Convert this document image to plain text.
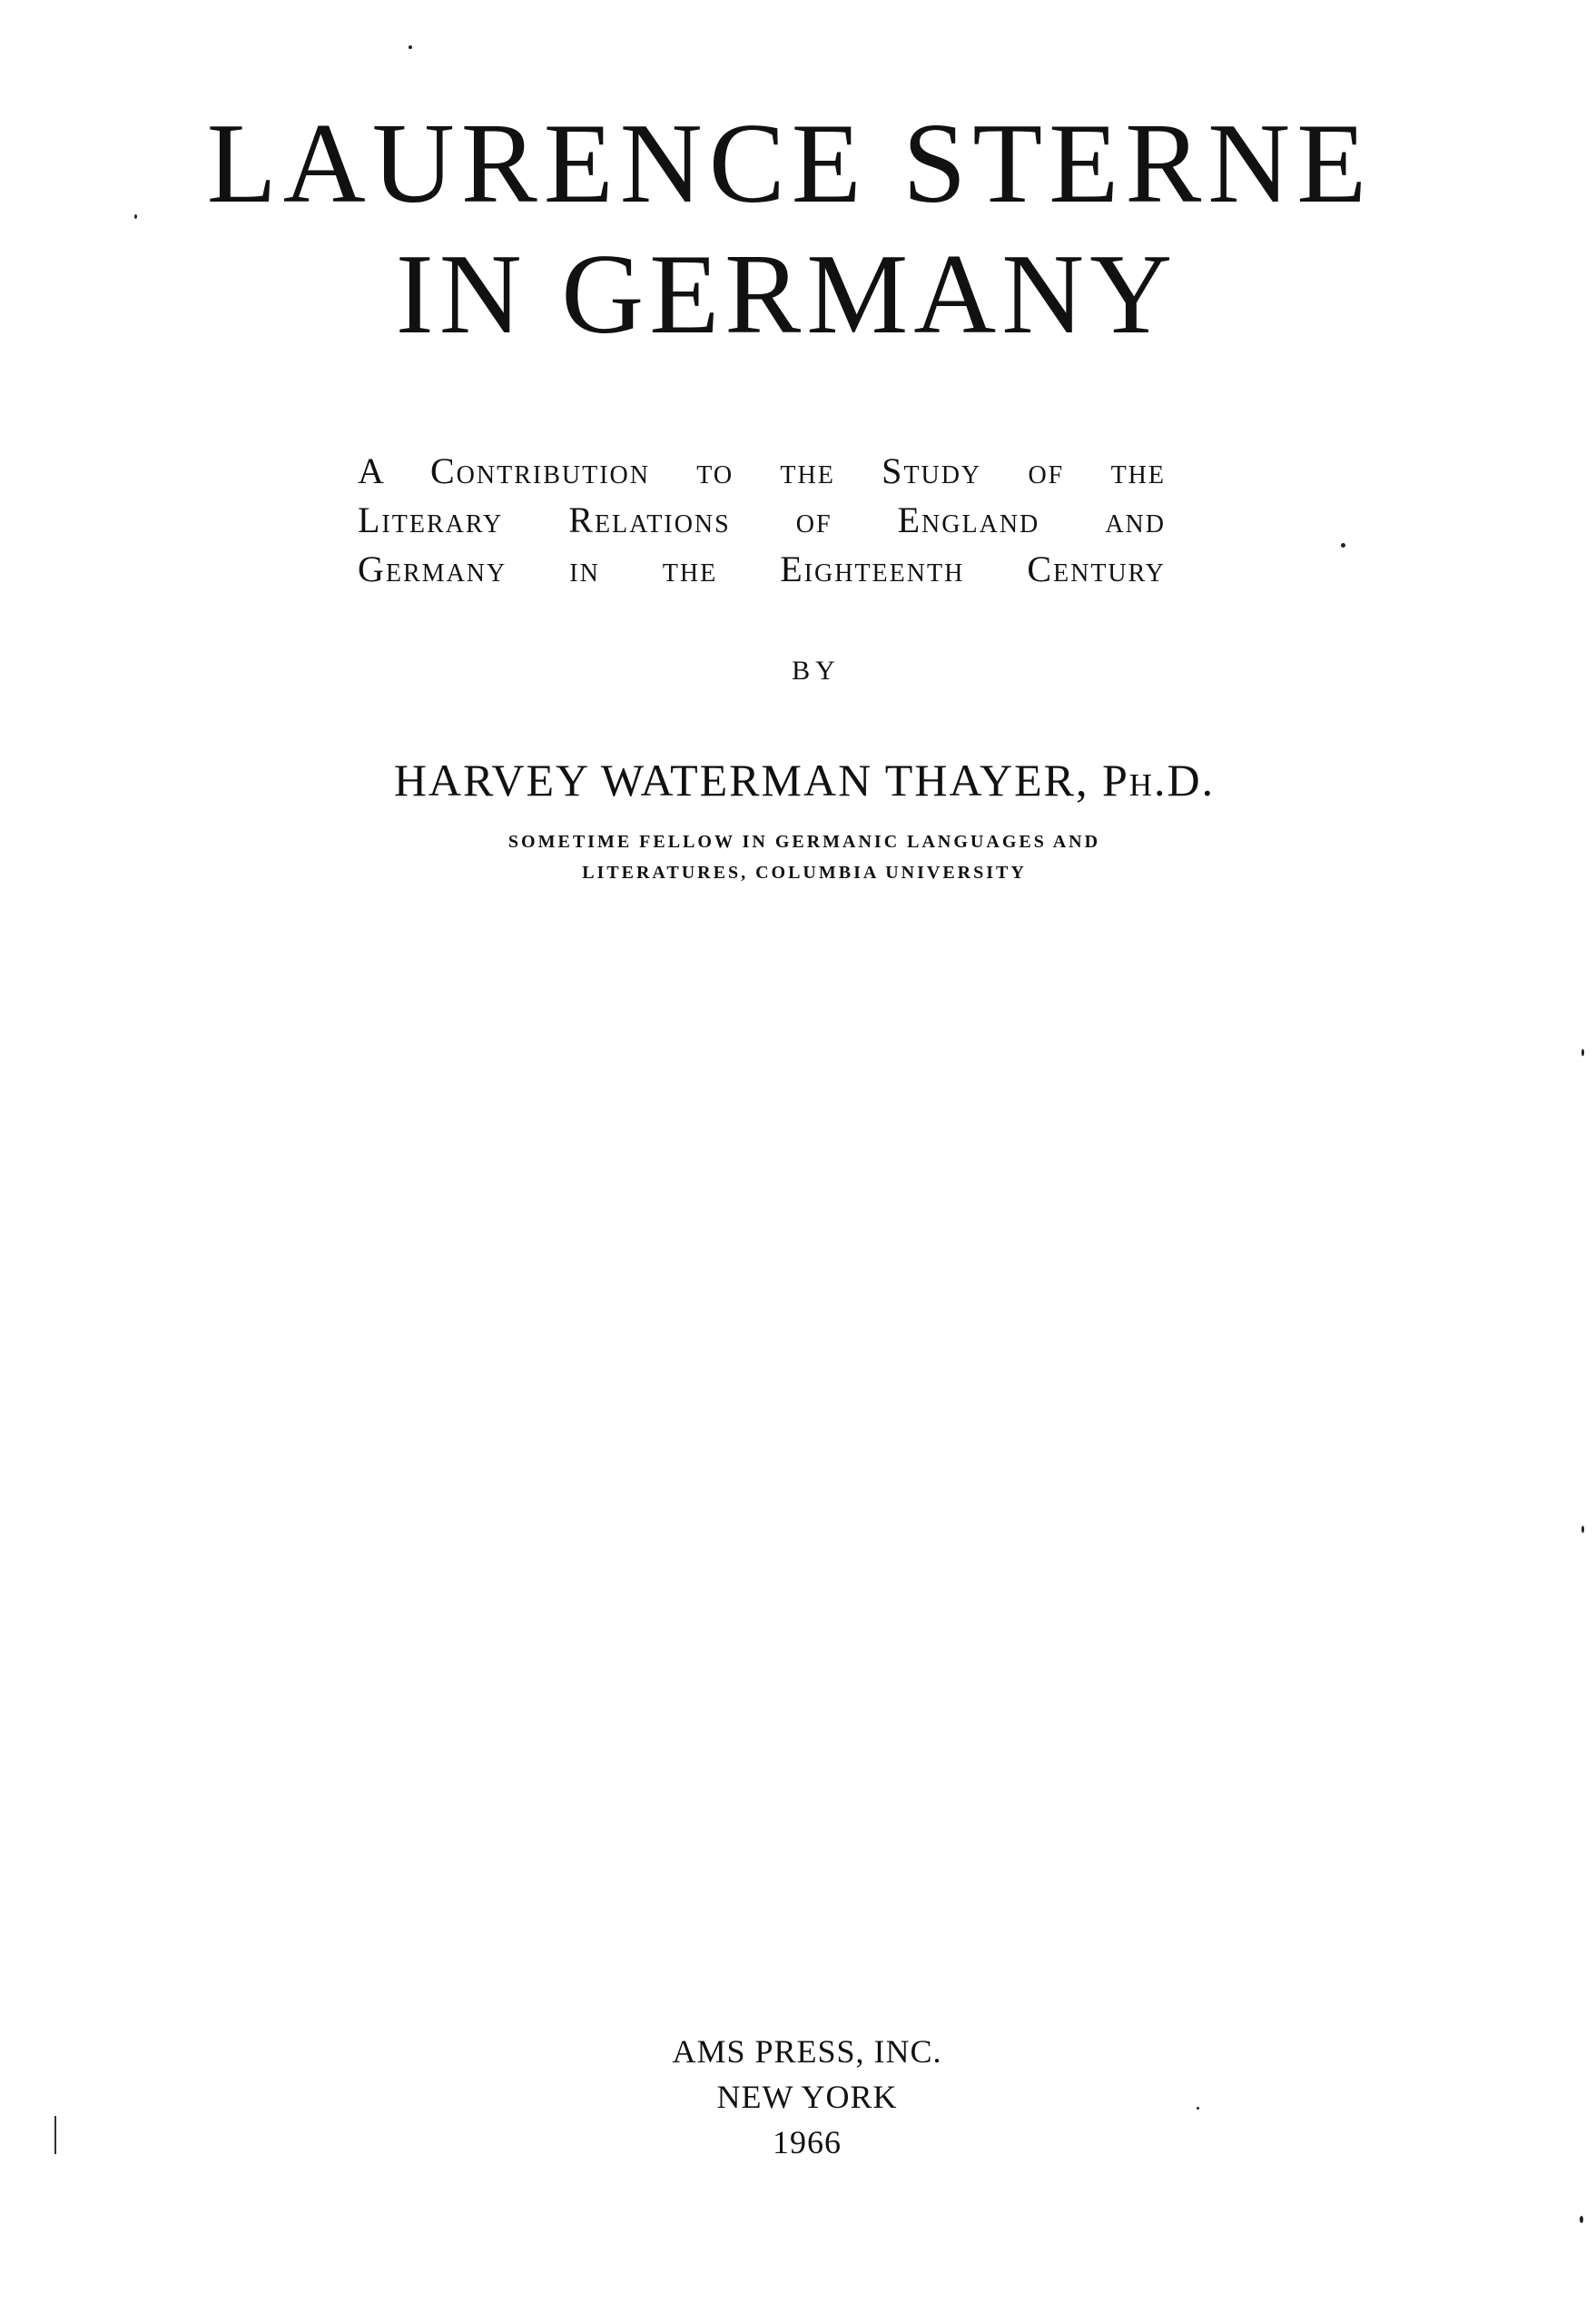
LAURENCE STERNE
IN GERMANY
A Contribution to the Study of the
Literary Relations of England and
Germany in the Eighteenth Century
BY
HARVEY WATERMAN THAYER, Ph.D.
SOMETIME FELLOW IN GERMANIC LANGUAGES AND
LITERATURES, COLUMBIA UNIVERSITY
AMS PRESS, INC.
NEW YORK
1966
